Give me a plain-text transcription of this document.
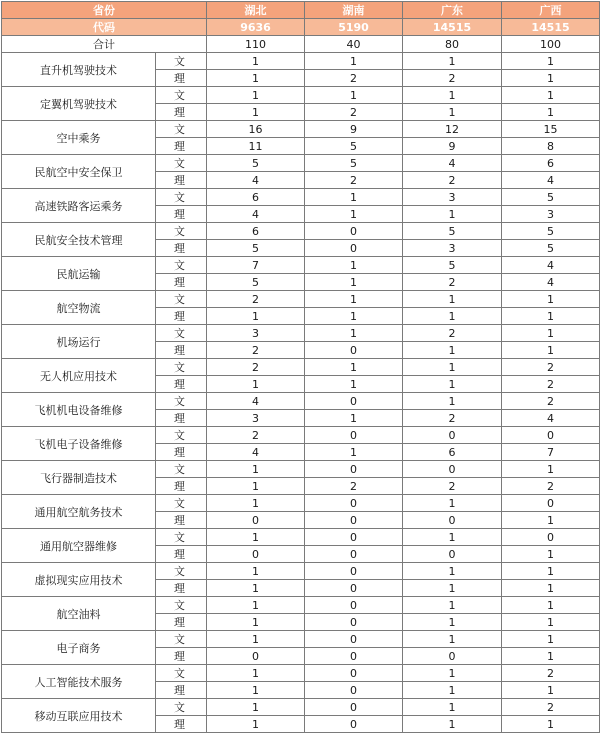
省份		湖北	湖南	广东	广西
代码		9636	5190	14515	14515
合计		110	40	80	100
直升机驾驶技术	文	1	1	1	1
	理	1	2	2	1
定翼机驾驶技术	文	1	1	1	1
	理	1	2	1	1
空中乘务	文	16	9	12	15
	理	11	5	9	8
民航空中安全保卫	文	5	5	4	6
	理	4	2	2	4
高速铁路客运乘务	文	6	1	3	5
	理	4	1	1	3
民航安全技术管理	文	6	0	5	5
	理	5	0	3	5
民航运输	文	7	1	5	4
	理	5	1	2	4
航空物流	文	2	1	1	1
	理	1	1	1	1
机场运行	文	3	1	2	1
	理	2	0	1	1
无人机应用技术	文	2	1	1	2
	理	1	1	1	2
飞机机电设备维修	文	4	0	1	2
	理	3	1	2	4
飞机电子设备维修	文	2	0	0	0
	理	4	1	6	7
飞行器制造技术	文	1	0	0	1
	理	1	2	2	2
通用航空航务技术	文	1	0	1	0
	理	0	0	0	1
通用航空器维修	文	1	0	1	0
	理	0	0	0	1
虚拟现实应用技术	文	1	0	1	1
	理	1	0	1	1
航空油料	文	1	0	1	1
	理	1	0	1	1
电子商务	文	1	0	1	1
	理	0	0	0	1
人工智能技术服务	文	1	0	1	2
	理	1	0	1	1
移动互联应用技术	文	1	0	1	2
	理	1	0	1	1
